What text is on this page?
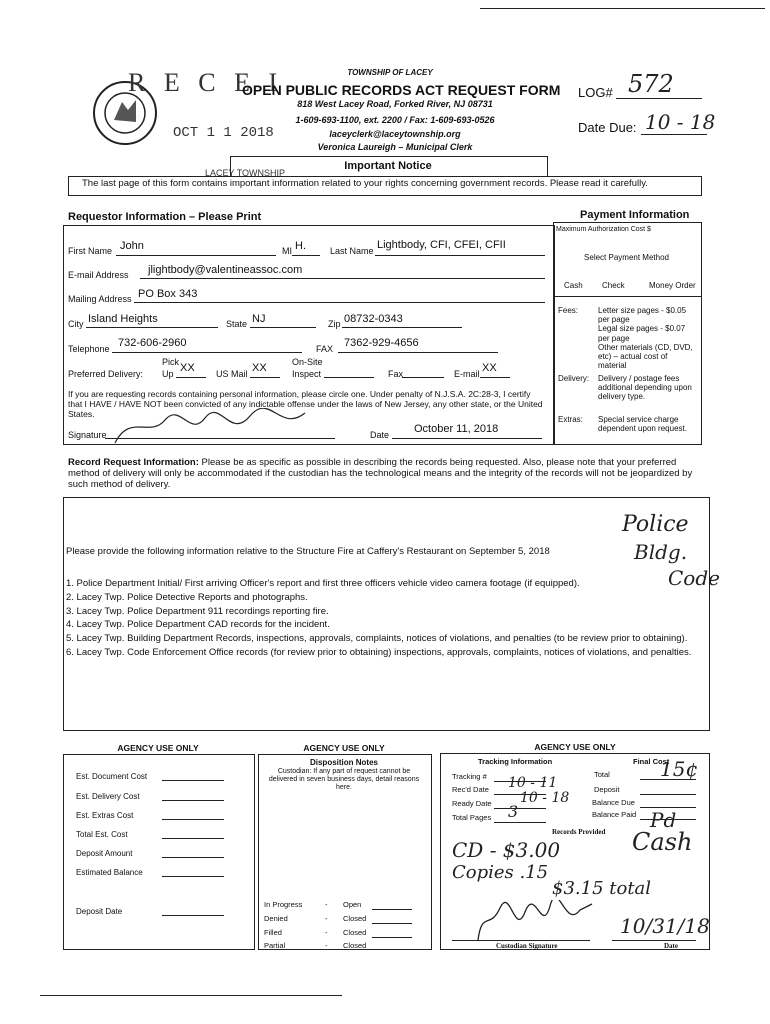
R E C E I
OCT 1 1 2018
LACEY TOWNSHIP
TOWNSHIP OF LACEY
OPEN PUBLIC RECORDS ACT REQUEST FORM
818 West Lacey Road, Forked River, NJ 08731
1-609-693-1100, ext. 2200 / Fax: 1-609-693-0526
laceyclerk@laceytownship.org
Veronica Laureigh – Municipal Clerk
LOG# 572
Date Due: 10 - 18
Important Notice
The last page of this form contains important information related to your rights concerning government records. Please read it carefully.
Requestor Information – Please Print
First Name John	MI H.	Last Name Lightbody, CFI, CFEI, CFII
E-mail Address jlightbody@valentineassoc.com
Mailing Address PO Box 343
City Island Heights	State NJ	Zip 08732-0343
Telephone 732-606-2960	FAX 7362-929-4656
Preferred Delivery:
Pick
Up XX US Mail XX	On-Site
Inspect	Fax	E-mail XX
If you are requesting records containing personal information, please circle one. Under penalty of N.J.S.A. 2C:28-3, I certify that I HAVE / HAVE NOT been convicted of any indictable offense under the laws of New Jersey, any other state, or the United States.
Signature	Date October 11, 2018
Payment Information
Maximum Authorization Cost $
Select Payment Method
Cash Check	Money Order
Fees: Letter size pages - $0.05 per page
Legal size pages - $0.07 per page
Other materials (CD, DVD, etc) – actual cost of material
Delivery: Delivery / postage fees additional depending upon delivery type.
Extras: Special service charge dependent upon request.
Record Request Information: Please be as specific as possible in describing the records being requested. Also, please note that your preferred method of delivery will only be accommodated if the custodian has the technological means and the integrity of the records will not be jeopardized by such method of delivery.
Please provide the following information relative to the Structure Fire at Caffery's Restaurant on September 5, 2018
1. Police Department Initial/ First arriving Officer's report and first three officers vehicle video camera footage (if equipped).
2. Lacey Twp. Police Detective Reports and photographs.
3. Lacey Twp. Police Department 911 recordings reporting fire.
4. Lacey Twp. Police Department CAD records for the incident.
5. Lacey Twp. Building Department Records, inspections, approvals, complaints, notices of violations, and penalties (to be review prior to obtaining).
6. Lacey Twp. Code Enforcement Office records (for review prior to obtaining) inspections, approvals, complaints, notices of violations, and penalties.
Police
Bldg.
Code
AGENCY USE ONLY
Est. Document Cost
Est. Delivery Cost
Est. Extras Cost
Total Est. Cost
Deposit Amount
Estimated Balance
Deposit Date
AGENCY USE ONLY
Disposition Notes
Custodian: If any part of request cannot be delivered in seven business days, detail reasons here.
In Progress	- Open
Denied	- Closed
Filled	- Closed
Partial	- Closed
AGENCY USE ONLY
Tracking Information	Final Cost
Tracking #
Rec'd Date 10 - 11
Ready Date 10 - 18
Total Pages 3
Total	15¢
Deposit
Balance Due
Balance Paid Pd
Records Provided Cash
CD - $3.00
Copies .15
$3.15 total
Custodian Signature
10/31/18
Date
